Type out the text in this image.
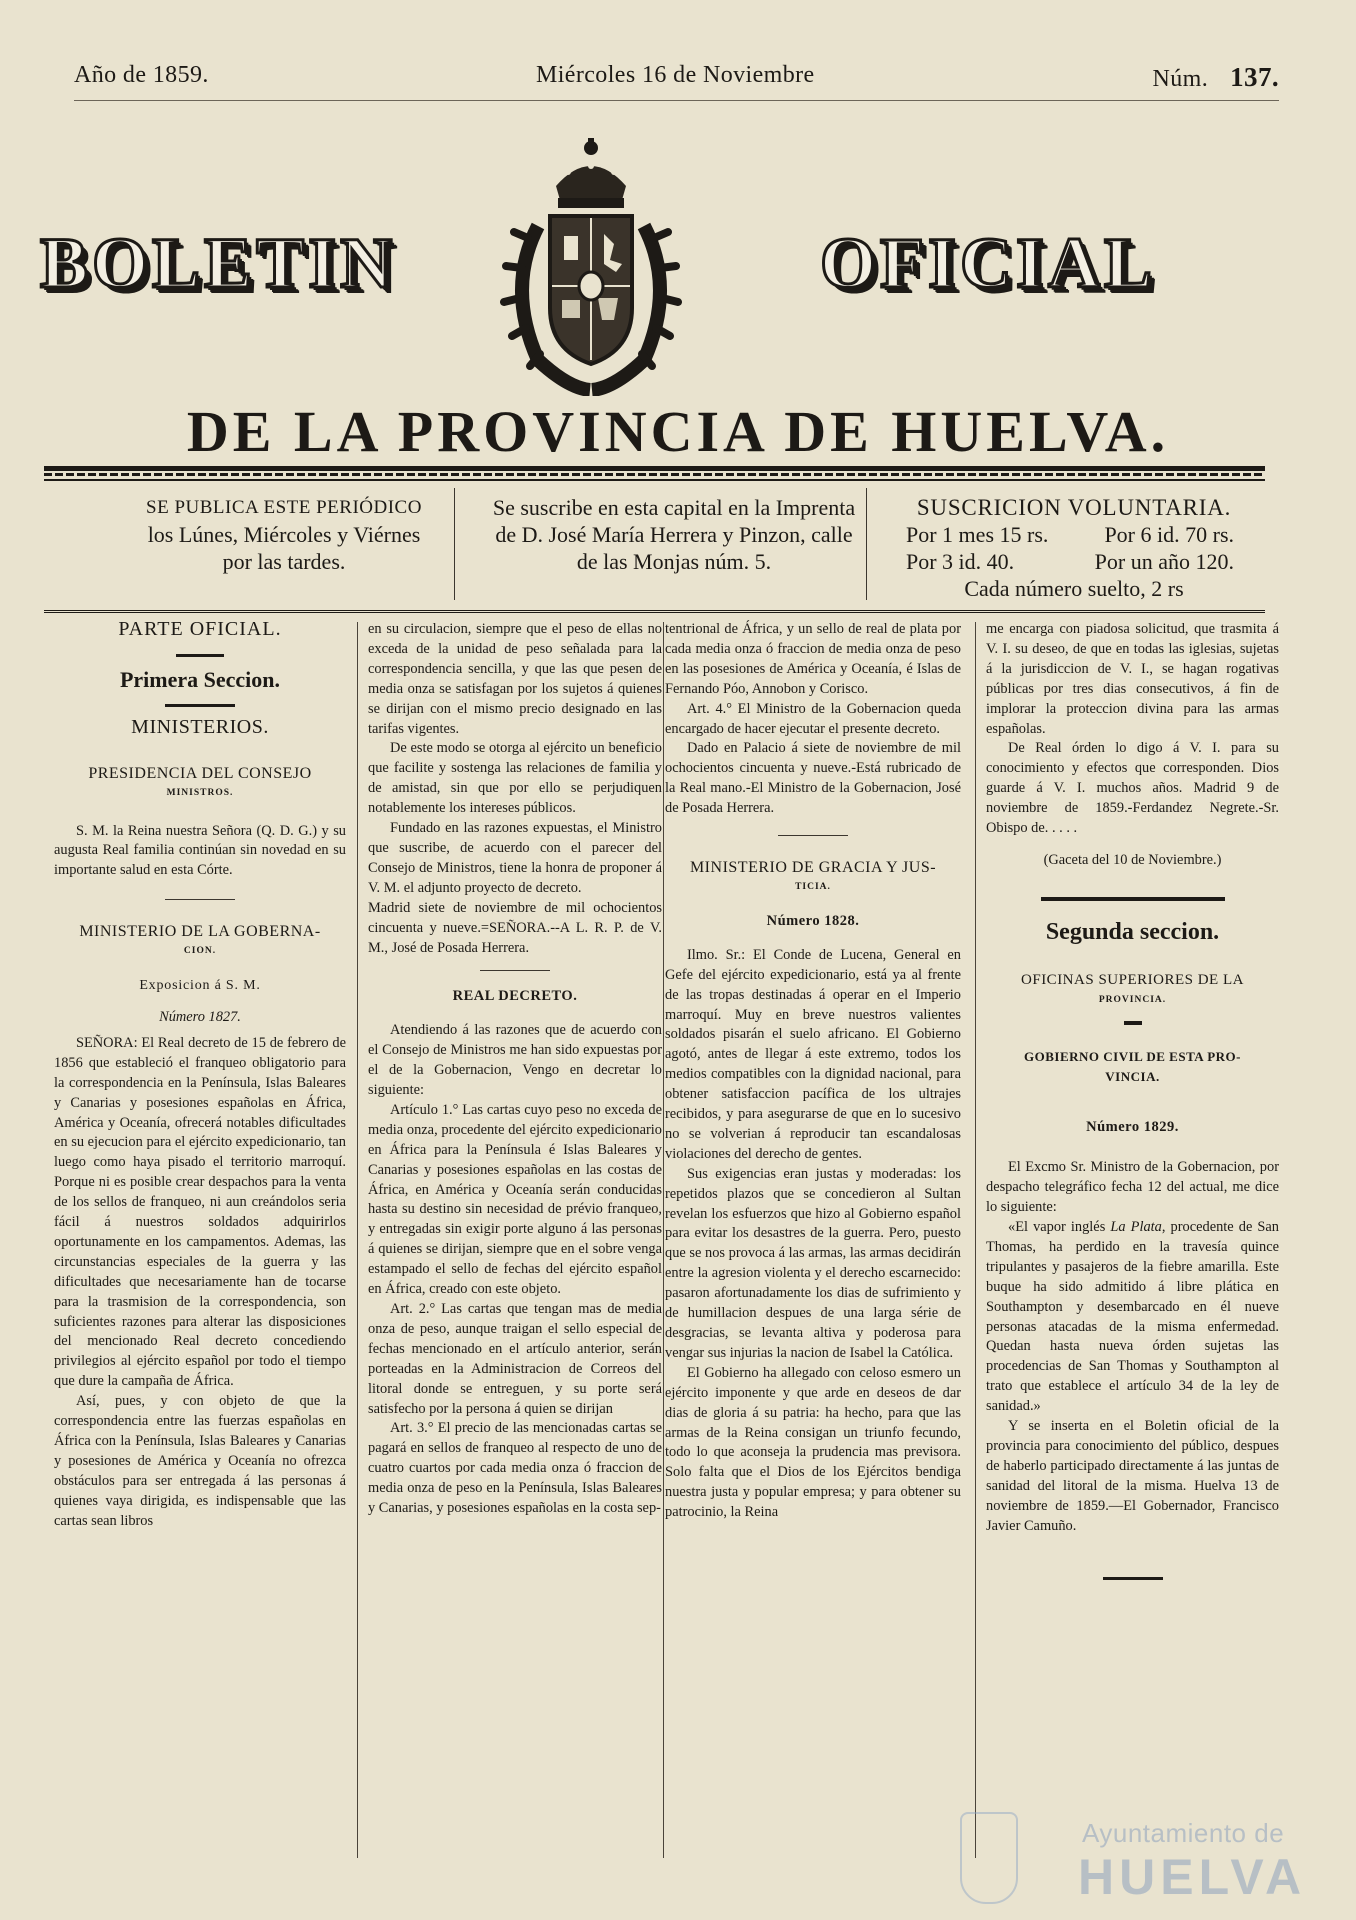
Año de 1859.	Miércoles 16 de Noviembre	Núm. 137.
BOLETIN	OFICIAL
DE LA PROVINCIA DE HUELVA.
SE PUBLICA ESTE PERIÓDICO
los Lúnes, Miércoles y Viérnes
por las tardes.
Se suscribe en esta capital en la Imprenta
de D. José María Herrera y Pinzon, calle
de las Monjas núm. 5.
SUSCRICION VOLUNTARIA.
Por 1 mes 15 rs.	Por 6 id. 70 rs.
Por 3 id. 40.	Por un año 120.
Cada número suelto, 2 rs

PARTE OFICIAL.

Primera Seccion.

MINISTERIOS.

PRESIDENCIA DEL CONSEJO

MINISTROS.

S. M. la Reina nuestra Señora (Q. D. G.) y su augusta Real familia continúan sin novedad en su importante salud en esta Córte.

MINISTERIO DE LA GOBERNA-

CION.

Exposicion á S. M.

Número 1827.

SEÑORA: El Real decreto de 15 de febrero de 1856 que estableció el franqueo obligatorio para la correspondencia en la Península, Islas Baleares y Canarias y posesiones españolas en África, América y Oceanía, ofrecerá notables dificultades en su ejecucion para el ejército expedicionario, tan luego como haya pisado el territorio marroquí. Porque ni es posible crear despachos para la venta de los sellos de franqueo, ni aun creándolos seria fácil á nuestros soldados adquirirlos oportunamente en los campamentos. Ademas, las circunstancias especiales de la guerra y las dificultades que necesariamente han de tocarse para la trasmision de la correspondencia, son suficientes razones para alterar las disposiciones del mencionado Real decreto concediendo privilegios al ejército español por todo el tiempo que dure la campaña de África.

Así, pues, y con objeto de que la correspondencia entre las fuerzas españolas en África con la Península, Islas Baleares y Canarias y posesiones de América y Oceanía no ofrezca obstáculos para ser entregada á las personas á quienes vaya dirigida, es indispensable que las cartas sean libros

en su circulacion, siempre que el peso de ellas no exceda de la unidad de peso señalada para la correspondencia sencilla, y que las que pesen de media onza se satisfagan por los sujetos á quienes se dirijan con el mismo precio designado en las tarifas vigentes.

De este modo se otorga al ejército un beneficio que facilite y sostenga las relaciones de familia y de amistad, sin que por ello se perjudiquen notablemente los intereses públicos.

Fundado en las razones expuestas, el Ministro que suscribe, de acuerdo con el parecer del Consejo de Ministros, tiene la honra de proponer á V. M. el adjunto proyecto de decreto.

Madrid siete de noviembre de mil ochocientos cincuenta y nueve.=SEÑORA.--A L. R. P. de V. M., José de Posada Herrera.

REAL DECRETO.

Atendiendo á las razones que de acuerdo con el Consejo de Ministros me han sido expuestas por el de la Gobernacion, Vengo en decretar lo siguiente:

Artículo 1.° Las cartas cuyo peso no exceda de media onza, procedente del ejército expedicionario en África para la Península é Islas Baleares y Canarias y posesiones españolas en las costas de África, en América y Oceanía serán conducidas hasta su destino sin necesidad de prévio franqueo, y entregadas sin exigir porte alguno á las personas á quienes se dirijan, siempre que en el sobre venga estampado el sello de fechas del ejército español en África, creado con este objeto.

Art. 2.° Las cartas que tengan mas de media onza de peso, aunque traigan el sello especial de fechas mencionado en el artículo anterior, serán porteadas en la Administracion de Correos del litoral donde se entreguen, y su porte será satisfecho por la persona á quien se dirijan

Art. 3.° El precio de las mencionadas cartas se pagará en sellos de franqueo al respecto de uno de cuatro cuartos por cada media onza ó fraccion de media onza de peso en la Península, Islas Baleares y Canarias, y posesiones españolas en la costa sep-

tentrional de África, y un sello de real de plata por cada media onza ó fraccion de media onza de peso en las posesiones de América y Oceanía, é Islas de Fernando Póo, Annobon y Corisco.

Art. 4.° El Ministro de la Gobernacion queda encargado de hacer ejecutar el presente decreto.

Dado en Palacio á siete de noviembre de mil ochocientos cincuenta y nueve.-Está rubricado de la Real mano.-El Ministro de la Gobernacion, José de Posada Herrera.

MINISTERIO DE GRACIA Y JUS-

TICIA.

Número 1828.

Ilmo. Sr.: El Conde de Lucena, General en Gefe del ejército expedicionario, está ya al frente de las tropas destinadas á operar en el Imperio marroquí. Muy en breve nuestros valientes soldados pisarán el suelo africano. El Gobierno agotó, antes de llegar á este extremo, todos los medios compatibles con la dignidad nacional, para obtener satisfaccion pacífica de los ultrajes recibidos, y para asegurarse de que en lo sucesivo no se volverian á reproducir tan escandalosas violaciones del derecho de gentes.

Sus exigencias eran justas y moderadas: los repetidos plazos que se concedieron al Sultan revelan los esfuerzos que hizo al Gobierno español para evitar los desastres de la guerra. Pero, puesto que se nos provoca á las armas, las armas decidirán entre la agresion violenta y el derecho escarnecido: pasaron afortunadamente los dias de sufrimiento y de humillacion despues de una larga série de desgracias, se levanta altiva y poderosa para vengar sus injurias la nacion de Isabel la Católica.

El Gobierno ha allegado con celoso esmero un ejército imponente y que arde en deseos de dar dias de gloria á su patria: ha hecho, para que las armas de la Reina consigan un triunfo fecundo, todo lo que aconseja la prudencia mas previsora. Solo falta que el Dios de los Ejércitos bendiga nuestra justa y popular empresa; y para obtener su patrocinio, la Reina

me encarga con piadosa solicitud, que trasmita á V. I. su deseo, de que en todas las iglesias, sujetas á la jurisdiccion de V. I., se hagan rogativas públicas por tres dias consecutivos, á fin de implorar la proteccion divina para las armas españolas.

De Real órden lo digo á V. I. para su conocimiento y efectos que corresponden. Dios guarde á V. I. muchos años. Madrid 9 de noviembre de 1859.-Ferdandez Negrete.-Sr. Obispo de. . . . .

(Gaceta del 10 de Noviembre.)

Segunda seccion.

OFICINAS SUPERIORES DE LA

PROVINCIA.

GOBIERNO CIVIL DE ESTA PRO-

VINCIA.

Número 1829.

El Excmo Sr. Ministro de la Gobernacion, por despacho telegráfico fecha 12 del actual, me dice lo siguiente:

«El vapor inglés La Plata, procedente de San Thomas, ha perdido en la travesía quince tripulantes y pasajeros de la fiebre amarilla. Este buque ha sido admitido á libre plática en Southampton y desembarcado en él nueve personas atacadas de la misma enfermedad. Quedan hasta nueva órden sujetas las procedencias de San Thomas y Southampton al trato que establece el artículo 34 de la ley de sanidad.»

Y se inserta en el Boletin oficial de la provincia para conocimiento del público, despues de haberlo participado directamente á las juntas de sanidad del litoral de la misma. Huelva 13 de noviembre de 1859.—El Gobernador, Francisco Javier Camuño.

Ayuntamiento de
HUELVA
